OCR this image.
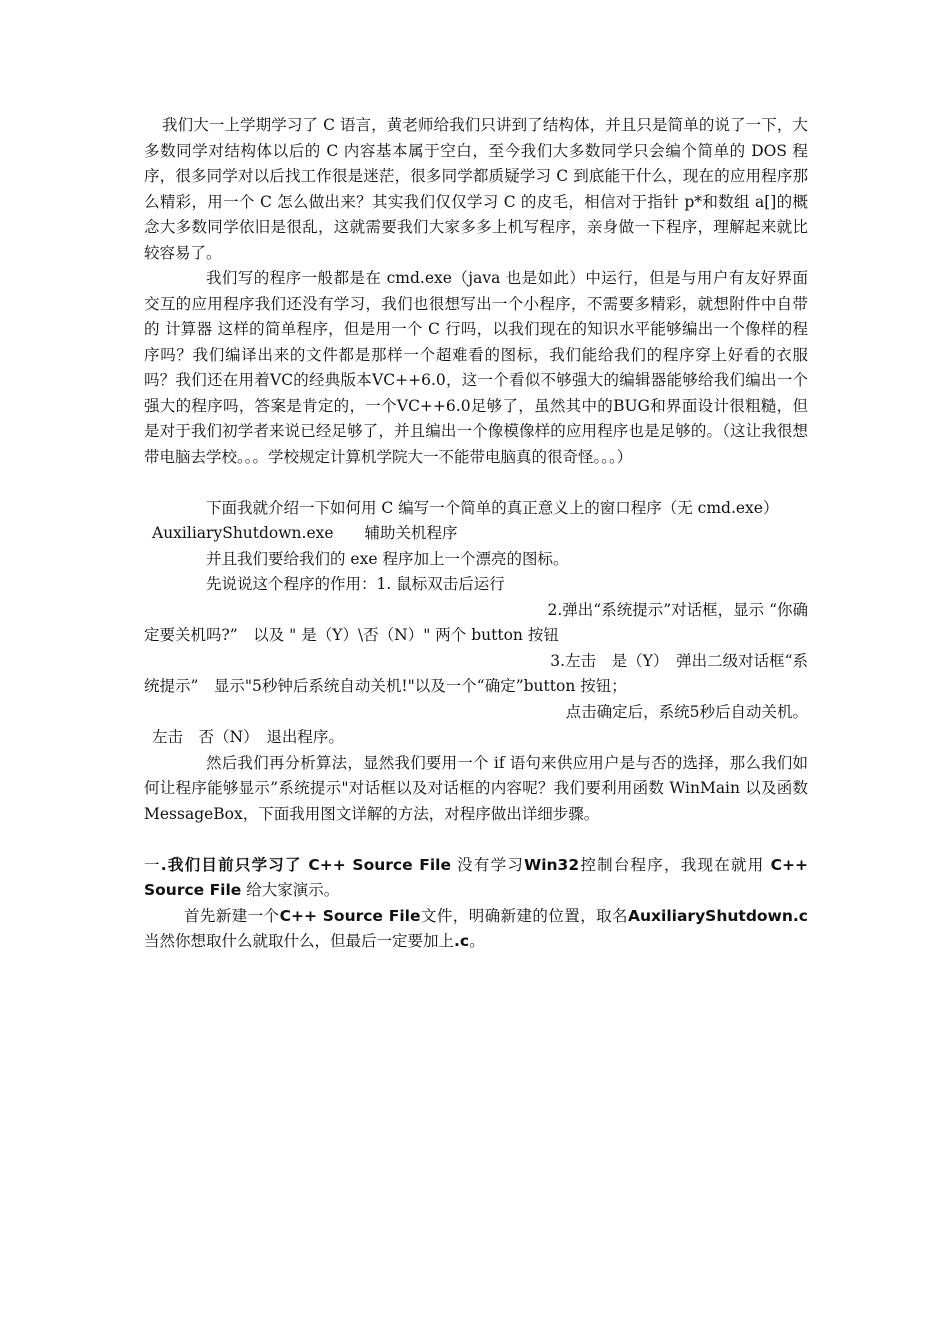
我们大一上学期学习了 C 语言，黄老师给我们只讲到了结构体，并且只是简单的说了一下，大多数同学对结构体以后的 C 内容基本属于空白，至今我们大多数同学只会编个简单的 DOS 程序，很多同学对以后找工作很是迷茫，很多同学都质疑学习 C 到底能干什么，现在的应用程序那么精彩，用一个 C 怎么做出来？其实我们仅仅学习 C 的皮毛，相信对于指针 p*和数组 a[]的概念大多数同学依旧是很乱，这就需要我们大家多多上机写程序，亲身做一下程序，理解起来就比较容易了。

我们写的程序一般都是在 cmd.exe（java 也是如此）中运行，但是与用户有友好界面交互的应用程序我们还没有学习，我们也很想写出一个小程序，不需要多精彩，就想附件中自带的 计算器 这样的简单程序，但是用一个 C 行吗，以我们现在的知识水平能够编出一个像样的程序吗？我们编译出来的文件都是那样一个超难看的图标，我们能给我们的程序穿上好看的衣服吗？我们还在用着VC的经典版本VC++6.0，这一个看似不够强大的编辑器能够给我们编出一个强大的程序吗，答案是肯定的，一个VC++6.0足够了，虽然其中的BUG和界面设计很粗糙，但是对于我们初学者来说已经足够了，并且编出一个像模像样的应用程序也是足够的。（这让我很想带电脑去学校。。。学校规定计算机学院大一不能带电脑真的很奇怪。。。）

下面我就介绍一下如何用 C 编写一个简单的真正意义上的窗口程序（无 cmd.exe）

AuxiliaryShutdown.exe　　辅助关机程序

并且我们要给我们的 exe 程序加上一个漂亮的图标。

先说说这个程序的作用：1. 鼠标双击后运行

2.弹出“系统提示”对话框，显示 “你确

定要关机吗?”　以及 " 是（Y）\否（N）" 两个 button 按钮

3.左击　是（Y）　弹出二级对话框“系

统提示”　显示"5秒钟后系统自动关机!"以及一个“确定”button 按钮；

点击确定后，系统5秒后自动关机。

左击　否（N）　退出程序。

然后我们再分析算法，显然我们要用一个 if 语句来供应用户是与否的选择，那么我们如何让程序能够显示”系统提示"对话框以及对话框的内容呢？我们要利用函数 WinMain 以及函数 MessageBox，下面我用图文详解的方法，对程序做出详细步骤。

一.我们目前只学习了 C++ Source File 没有学习Win32控制台程序，我现在就用 C++ Source File 给大家演示。

首先新建一个C++ Source File文件，明确新建的位置，取名AuxiliaryShutdown.c 当然你想取什么就取什么，但最后一定要加上.c。
